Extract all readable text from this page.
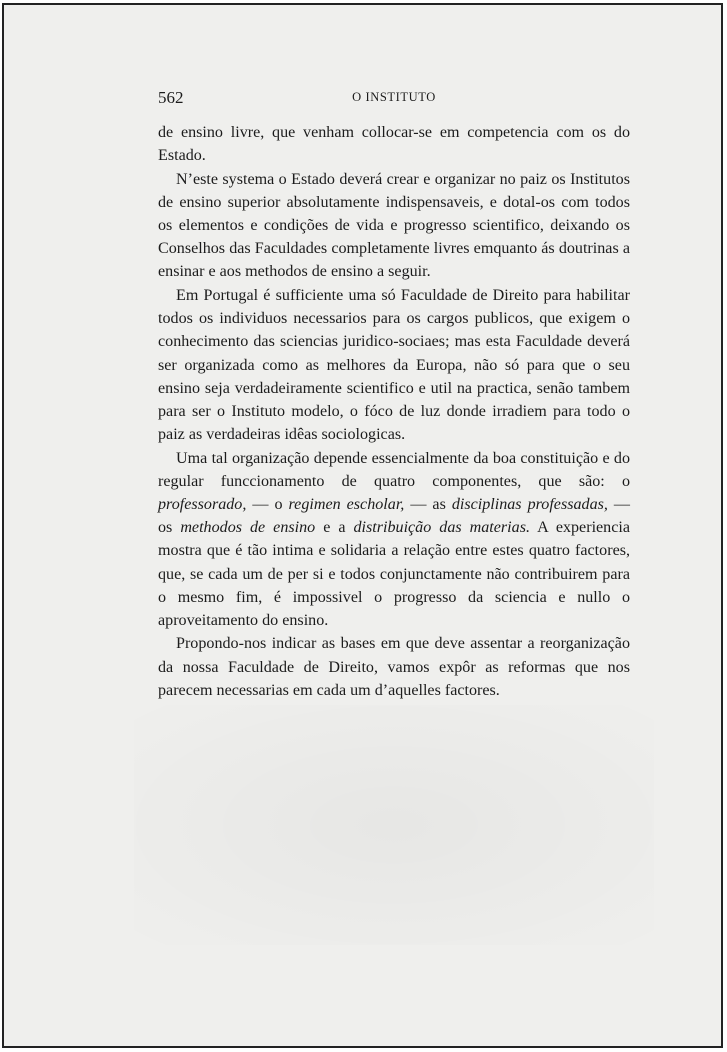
562	O INSTITUTO

de ensino livre, que venham collocar-se em competencia com os do Estado.

N’este systema o Estado deverá crear e organizar no paiz os Institutos de ensino superior absolutamente indispensaveis, e dotal-os com todos os elementos e condições de vida e progresso scientifico, deixando os Conselhos das Faculdades completamente livres emquanto ás doutrinas a ensinar e aos methodos de ensino a seguir.

Em Portugal é sufficiente uma só Faculdade de Direito para habilitar todos os individuos necessarios para os cargos publicos, que exigem o conhecimento das sciencias juridico-sociaes; mas esta Faculdade deverá ser organizada como as melhores da Europa, não só para que o seu ensino seja verdadeiramente scientifico e util na practica, senão tambem para ser o Instituto modelo, o fóco de luz donde irradiem para todo o paiz as verdadeiras idêas sociologicas.

Uma tal organização depende essencialmente da boa constituição e do regular funccionamento de quatro componentes, que são: o professorado, — o regimen escholar, — as disciplinas professadas, — os methodos de ensino e a distribuição das materias. A experiencia mostra que é tão intima e solidaria a relação entre estes quatro factores, que, se cada um de per si e todos conjunctamente não contribuirem para o mesmo fim, é impossivel o progresso da sciencia e nullo o aproveitamento do ensino.

Propondo-nos indicar as bases em que deve assentar a reorganização da nossa Faculdade de Direito, vamos expôr as reformas que nos parecem necessarias em cada um d’aquelles factores.
